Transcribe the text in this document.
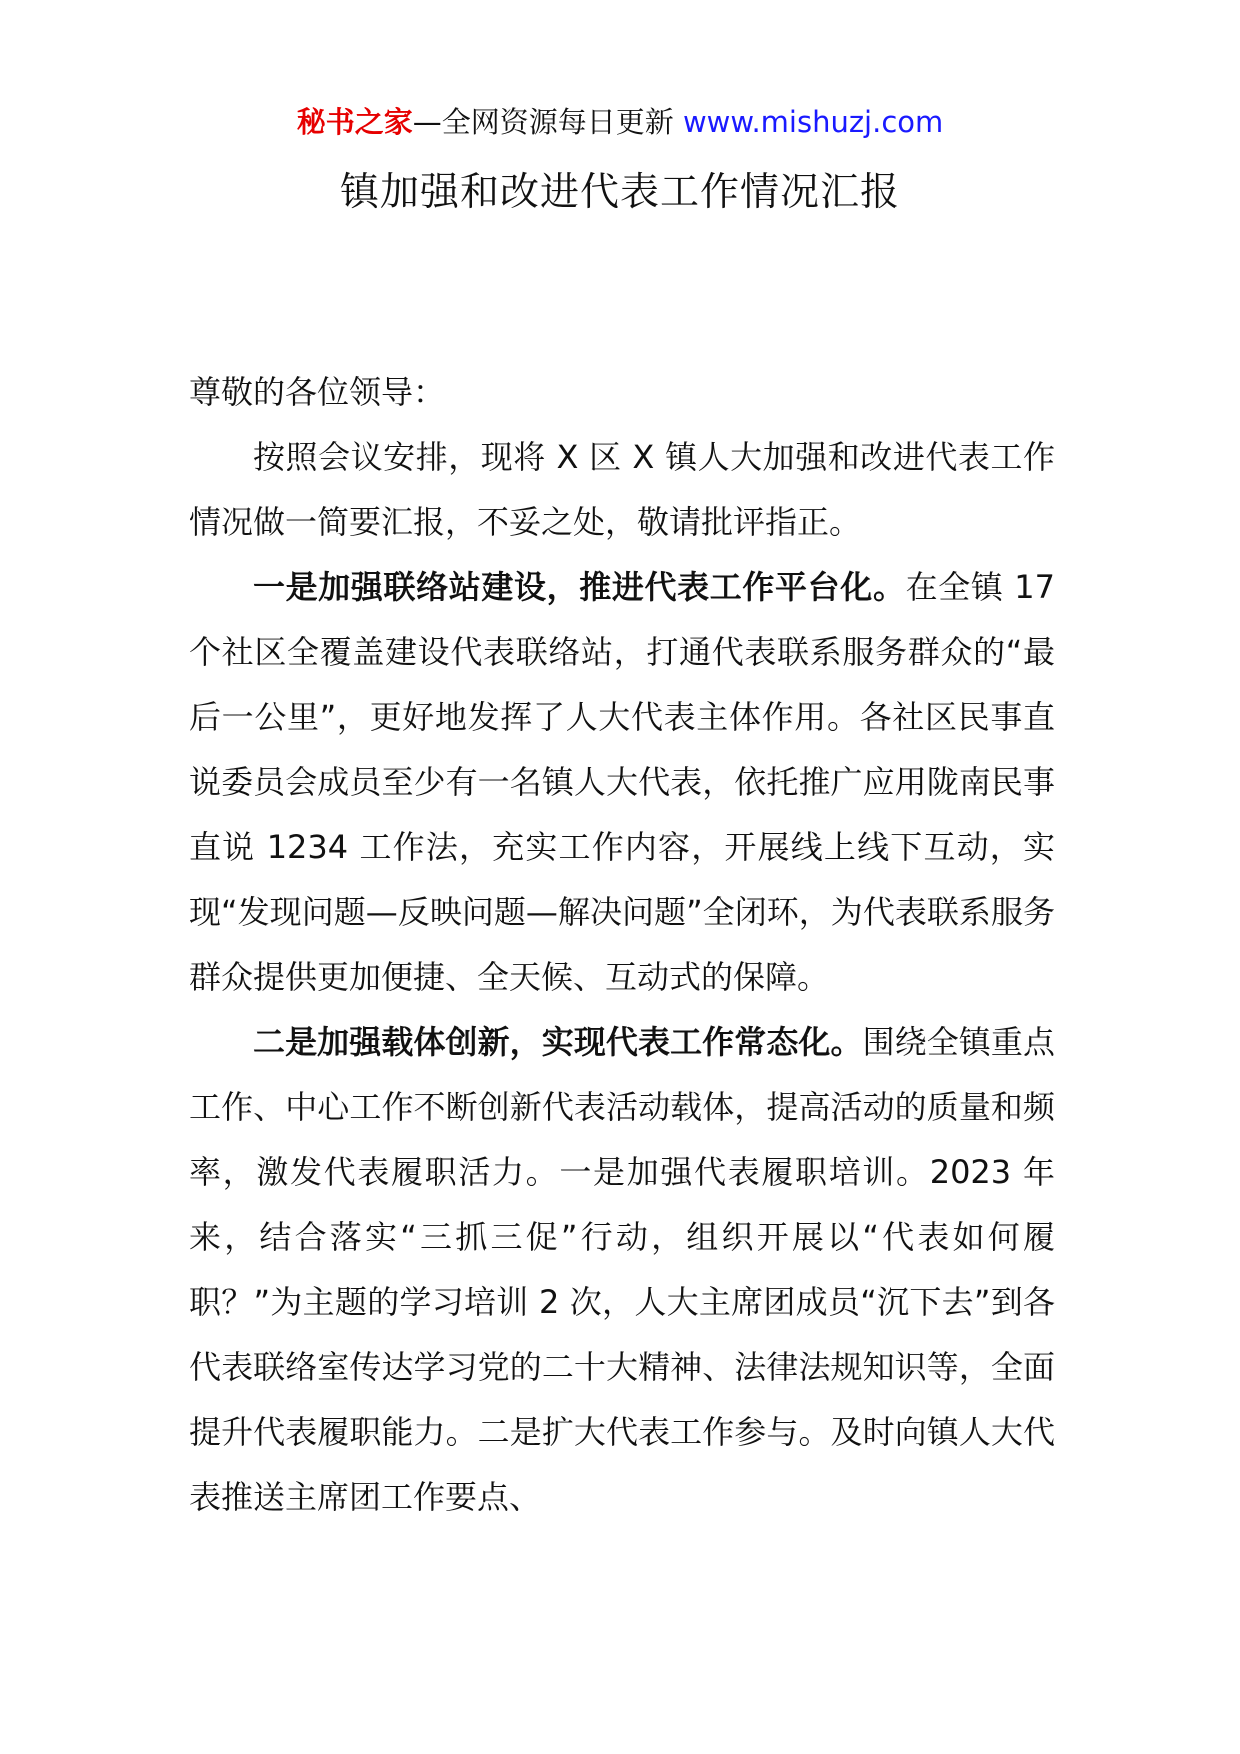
秘书之家—全网资源每日更新 www.mishuzj.com
镇加强和改进代表工作情况汇报

尊敬的各位领导：

按照会议安排，现将 X 区 X 镇人大加强和改进代表工作情况做一简要汇报，不妥之处，敬请批评指正。

一是加强联络站建设，推进代表工作平台化。在全镇 17 个社区全覆盖建设代表联络站，打通代表联系服务群众的“最后一公里”，更好地发挥了人大代表主体作用。各社区民事直说委员会成员至少有一名镇人大代表，依托推广应用陇南民事直说 1234 工作法，充实工作内容，开展线上线下互动，实现“发现问题—反映问题—解决问题”全闭环，为代表联系服务群众提供更加便捷、全天候、互动式的保障。

二是加强载体创新，实现代表工作常态化。围绕全镇重点工作、中心工作不断创新代表活动载体，提高活动的质量和频率，激发代表履职活力。一是加强代表履职培训。2023 年来，结合落实“三抓三促”行动，组织开展以“代表如何履职？”为主题的学习培训 2 次，人大主席团成员“沉下去”到各代表联络室传达学习党的二十大精神、法律法规知识等，全面提升代表履职能力。二是扩大代表工作参与。及时向镇人大代表推送主席团工作要点、
